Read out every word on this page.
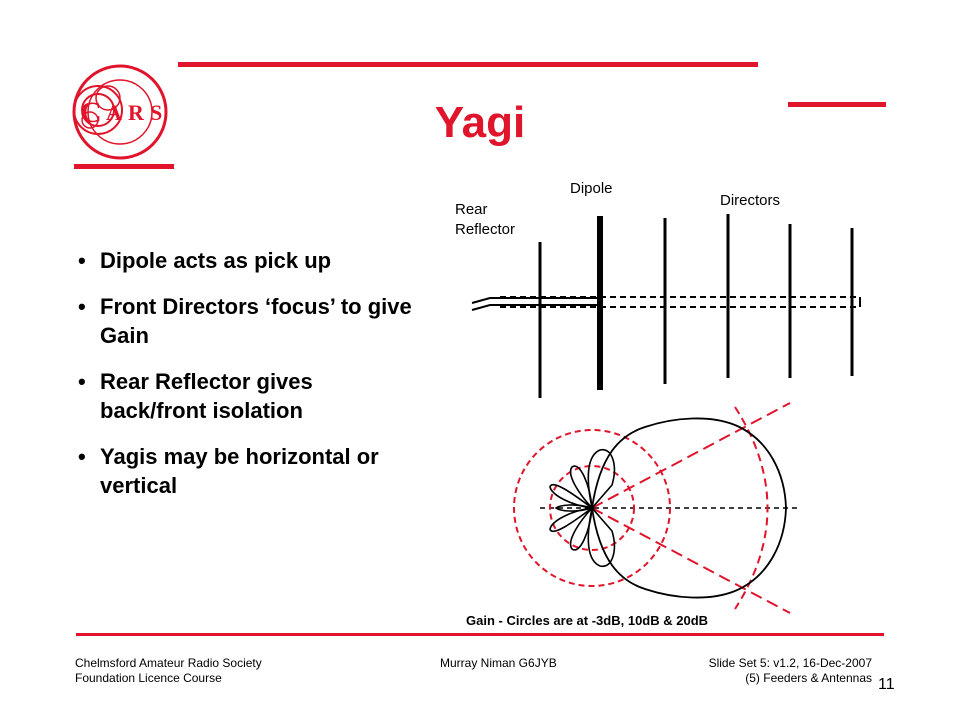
C A R S	Yagi
• Dipole acts as pick up
• Front Directors ‘focus’ to give Gain
• Rear Reflector gives back/front isolation
• Yagis may be horizontal or vertical
Dipole
Directors
Rear
Reflector
Gain - Circles are at -3dB, 10dB & 20dB
Chelmsford Amateur Radio Society
Foundation Licence Course
Murray Niman G6JYB	Slide Set 5: v1.2, 16-Dec-2007
(5) Feeders & Antennas 11
